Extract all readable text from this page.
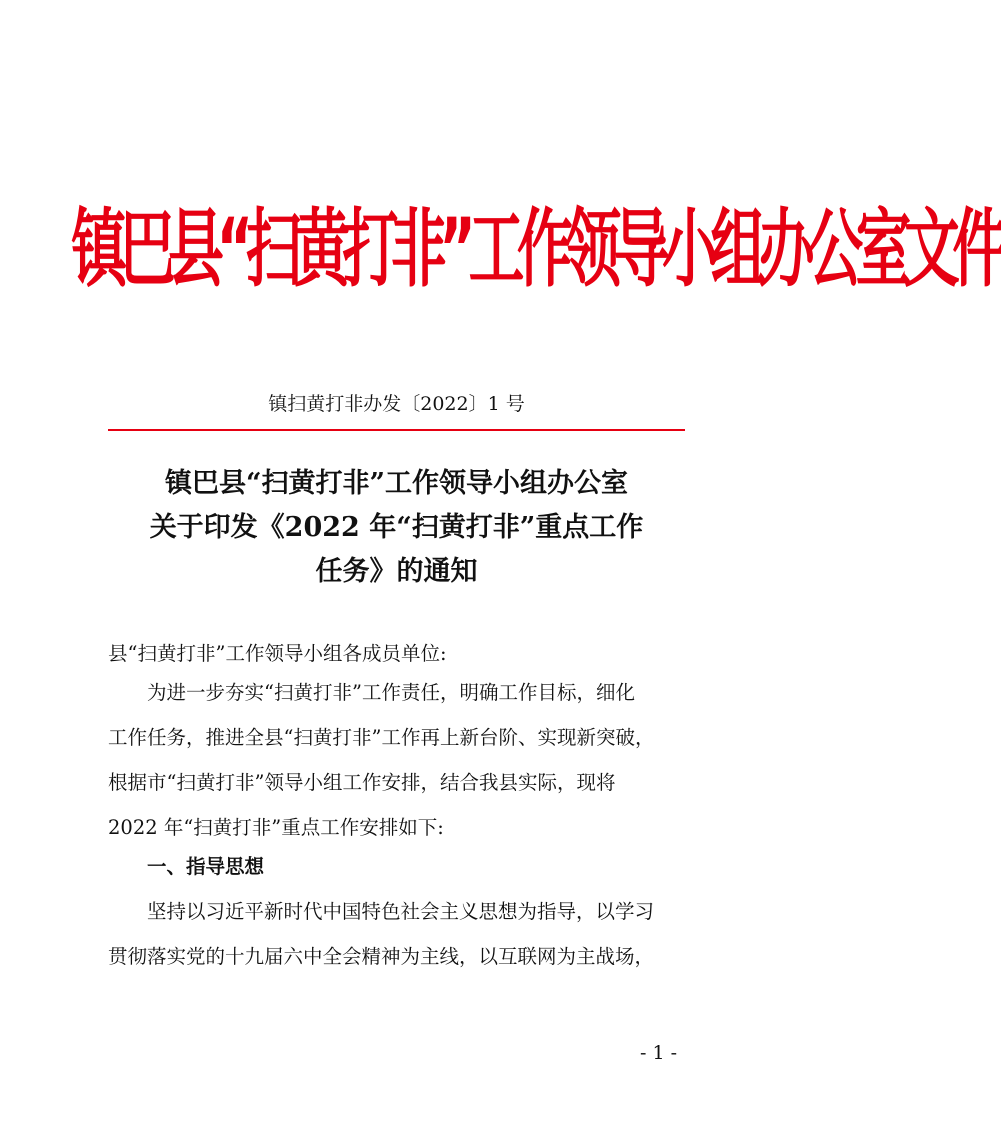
镇巴县“扫黄打非”工作领导小组办公室文件
镇扫黄打非办发〔2022〕1 号
镇巴县“扫黄打非”工作领导小组办公室
关于印发《2022 年“扫黄打非”重点工作
任务》的通知
县“扫黄打非”工作领导小组各成员单位:
为进一步夯实“扫黄打非”工作责任，明确工作目标，细化
工作任务，推进全县“扫黄打非”工作再上新台阶、实现新突破，
根据市“扫黄打非”领导小组工作安排，结合我县实际，现将
2022 年“扫黄打非”重点工作安排如下:
一、指导思想
坚持以习近平新时代中国特色社会主义思想为指导，以学习
贯彻落实党的十九届六中全会精神为主线，以互联网为主战场，
- 1 -
